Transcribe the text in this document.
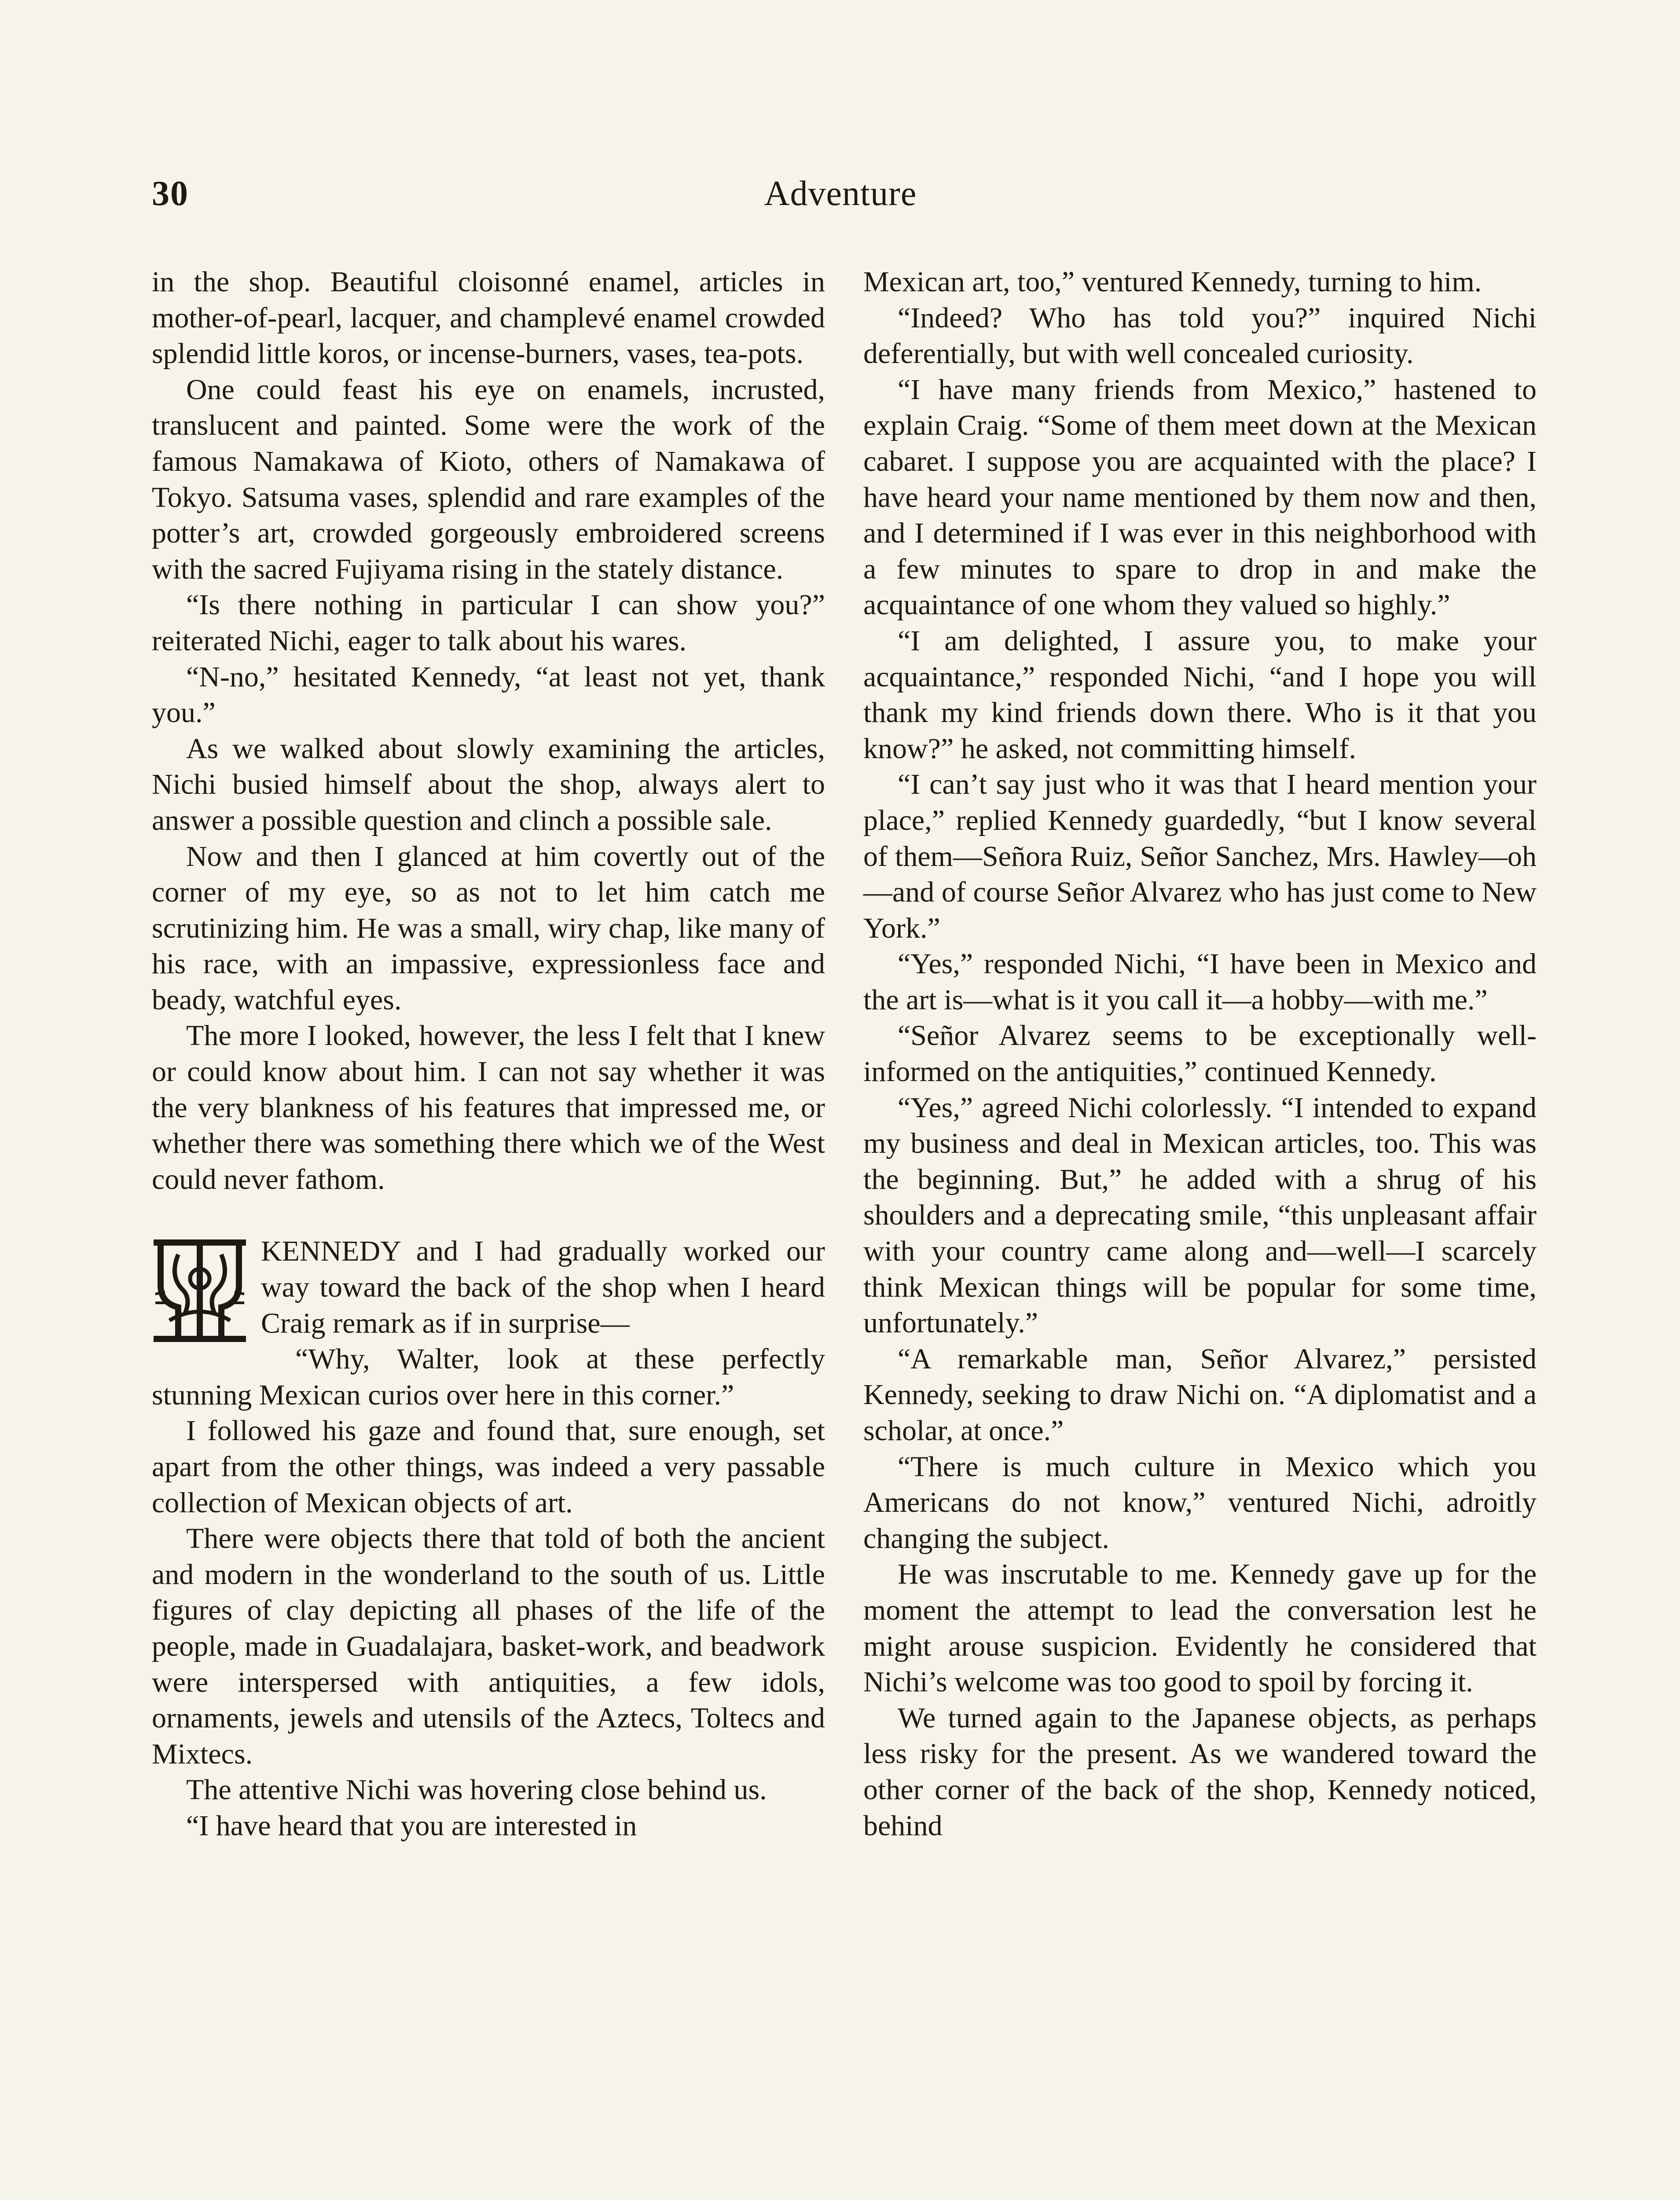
30	Adventure

in the shop. Beautiful cloisonné enamel, articles in mother-of-pearl, lacquer, and champlevé enamel crowded splendid little koros, or incense-burners, vases, tea-pots.

One could feast his eye on enamels, incrusted, translucent and painted. Some were the work of the famous Namakawa of Kioto, others of Namakawa of Tokyo. Satsuma vases, splendid and rare examples of the potter’s art, crowded gorgeously embroidered screens with the sacred Fujiyama rising in the stately distance.

“Is there nothing in particular I can show you?” reiterated Nichi, eager to talk about his wares.

“N-no,” hesitated Kennedy, “at least not yet, thank you.”

As we walked about slowly examining the articles, Nichi busied himself about the shop, always alert to answer a possible question and clinch a possible sale.

Now and then I glanced at him covertly out of the corner of my eye, so as not to let him catch me scrutinizing him. He was a small, wiry chap, like many of his race, with an impassive, expressionless face and beady, watchful eyes.

The more I looked, however, the less I felt that I knew or could know about him. I can not say whether it was the very blankness of his features that impressed me, or whether there was something there which we of the West could never fathom.

KENNEDY and I had gradually worked our way toward the back of the shop when I heard Craig remark as if in surprise—

“Why, Walter, look at these perfectly stunning Mexican curios over here in this corner.”

I followed his gaze and found that, sure enough, set apart from the other things, was indeed a very passable collection of Mexican objects of art.

There were objects there that told of both the ancient and modern in the wonderland to the south of us. Little figures of clay depicting all phases of the life of the people, made in Guadalajara, basket-work, and beadwork were interspersed with antiquities, a few idols, ornaments, jewels and utensils of the Aztecs, Toltecs and Mixtecs.

The attentive Nichi was hovering close behind us.

“I have heard that you are interested in

Mexican art, too,” ventured Kennedy, turning to him.

“Indeed? Who has told you?” inquired Nichi deferentially, but with well concealed curiosity.

“I have many friends from Mexico,” hastened to explain Craig. “Some of them meet down at the Mexican cabaret. I suppose you are acquainted with the place? I have heard your name mentioned by them now and then, and I determined if I was ever in this neighborhood with a few minutes to spare to drop in and make the acquaintance of one whom they valued so highly.”

“I am delighted, I assure you, to make your acquaintance,” responded Nichi, “and I hope you will thank my kind friends down there. Who is it that you know?” he asked, not committing himself.

“I can’t say just who it was that I heard mention your place,” replied Kennedy guardedly, “but I know several of them—Señora Ruiz, Señor Sanchez, Mrs. Hawley—oh—and of course Señor Alvarez who has just come to New York.”

“Yes,” responded Nichi, “I have been in Mexico and the art is—what is it you call it—a hobby—with me.”

“Señor Alvarez seems to be exceptionally well-informed on the antiquities,” continued Kennedy.

“Yes,” agreed Nichi colorlessly. “I intended to expand my business and deal in Mexican articles, too. This was the beginning. But,” he added with a shrug of his shoulders and a deprecating smile, “this unpleasant affair with your country came along and—well—I scarcely think Mexican things will be popular for some time, unfortunately.”

“A remarkable man, Señor Alvarez,” persisted Kennedy, seeking to draw Nichi on. “A diplomatist and a scholar, at once.”

“There is much culture in Mexico which you Americans do not know,” ventured Nichi, adroitly changing the subject.

He was inscrutable to me. Kennedy gave up for the moment the attempt to lead the conversation lest he might arouse suspicion. Evidently he considered that Nichi’s welcome was too good to spoil by forcing it.

We turned again to the Japanese objects, as perhaps less risky for the present. As we wandered toward the other corner of the back of the shop, Kennedy noticed, behind
